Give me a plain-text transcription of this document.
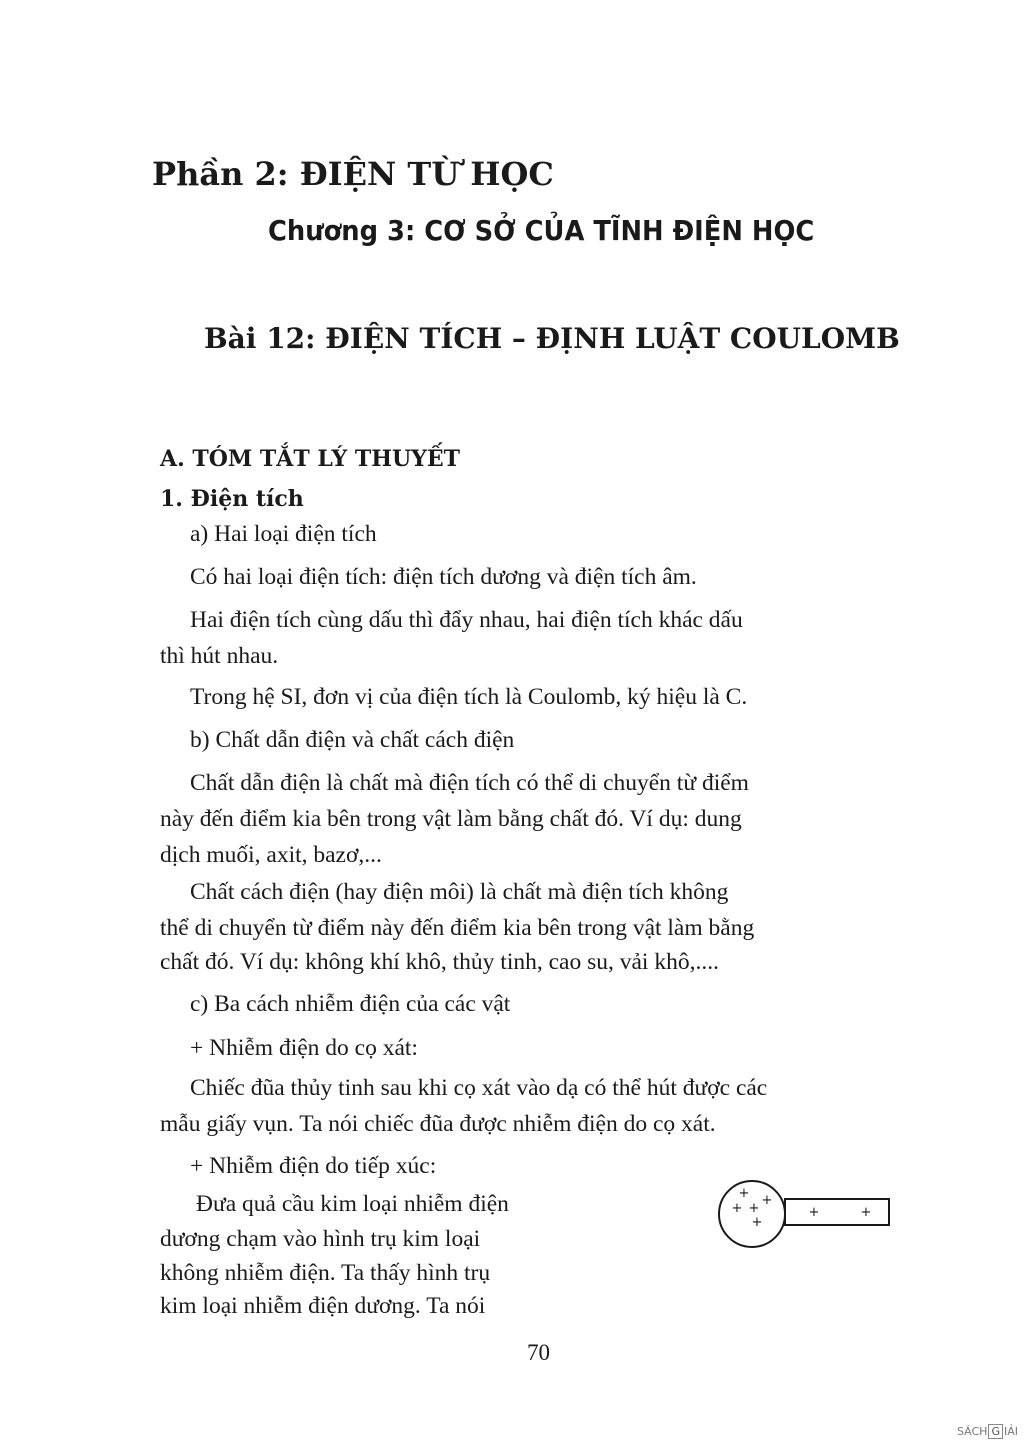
Phần 2: ĐIỆN TỪ HỌC
Chương 3: CƠ SỞ CỦA TĨNH ĐIỆN HỌC
Bài 12: ĐIỆN TÍCH – ĐỊNH LUẬT COULOMB
A. TÓM TẮT LÝ THUYẾT
1. Điện tích
a) Hai loại điện tích
Có hai loại điện tích: điện tích dương và điện tích âm.
Hai điện tích cùng dấu thì đẩy nhau, hai điện tích khác dấu
thì hút nhau.
Trong hệ SI, đơn vị của điện tích là Coulomb, ký hiệu là C.
b) Chất dẫn điện và chất cách điện
Chất dẫn điện là chất mà điện tích có thể di chuyển từ điểm
này đến điểm kia bên trong vật làm bằng chất đó. Ví dụ: dung
dịch muối, axit, bazơ,...
Chất cách điện (hay điện môi) là chất mà điện tích không
thể di chuyển từ điểm này đến điểm kia bên trong vật làm bằng
chất đó. Ví dụ: không khí khô, thủy tinh, cao su, vải khô,....
c) Ba cách nhiễm điện của các vật
+ Nhiễm điện do cọ xát:
Chiếc đũa thủy tinh sau khi cọ xát vào dạ có thể hút được các
mẫu giấy vụn. Ta nói chiếc đũa được nhiễm điện do cọ xát.
+ Nhiễm điện do tiếp xúc:
Đưa quả cầu kim loại nhiễm điện
dương chạm vào hình trụ kim loại
không nhiễm điện. Ta thấy hình trụ
kim loại nhiễm điện dương. Ta nói
+
+ +
+
+
+	+
70
SÁCH G IẢI
